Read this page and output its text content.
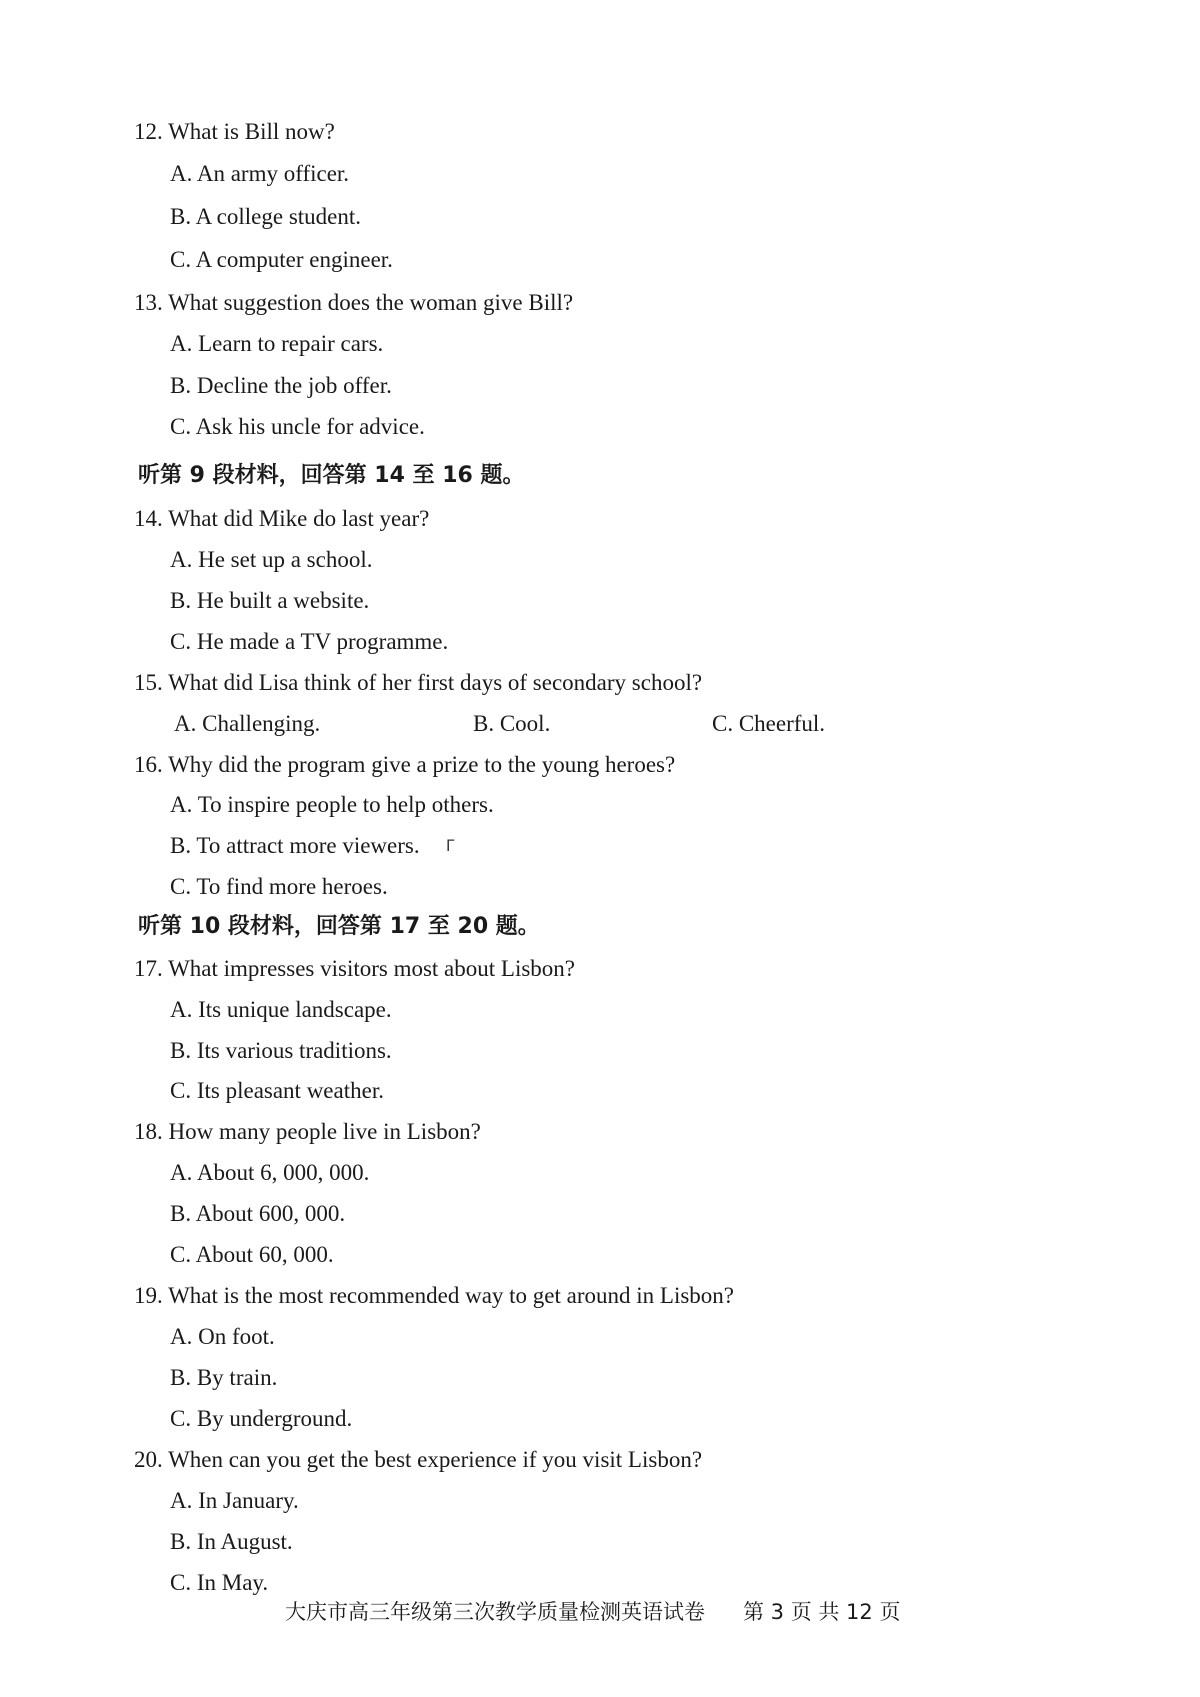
12. What is Bill now?
A. An army officer.
B. A college student.
C. A computer engineer.
13. What suggestion does the woman give Bill?
A. Learn to repair cars.
B. Decline the job offer.
C. Ask his uncle for advice.
听第 9 段材料，回答第 14 至 16 题。
14. What did Mike do last year?
A. He set up a school.
B. He built a website.
C. He made a TV programme.
15. What did Lisa think of her first days of secondary school?
A. Challenging.	B. Cool.	C. Cheerful.
16. Why did the program give a prize to the young heroes?
A. To inspire people to help others.
B. To attract more viewers. ᒥ
C. To find more heroes.
听第 10 段材料，回答第 17 至 20 题。
17. What impresses visitors most about Lisbon?
A. Its unique landscape.
B. Its various traditions.
C. Its pleasant weather.
18. How many people live in Lisbon?
A. About 6, 000, 000.
B. About 600, 000.
C. About 60, 000.
19. What is the most recommended way to get around in Lisbon?
A. On foot.
B. By train.
C. By underground.
20. When can you get the best experience if you visit Lisbon?
A. In January.
B. In August.
C. In May.
大庆市高三年级第三次教学质量检测英语试卷 第 3 页 共 12 页
